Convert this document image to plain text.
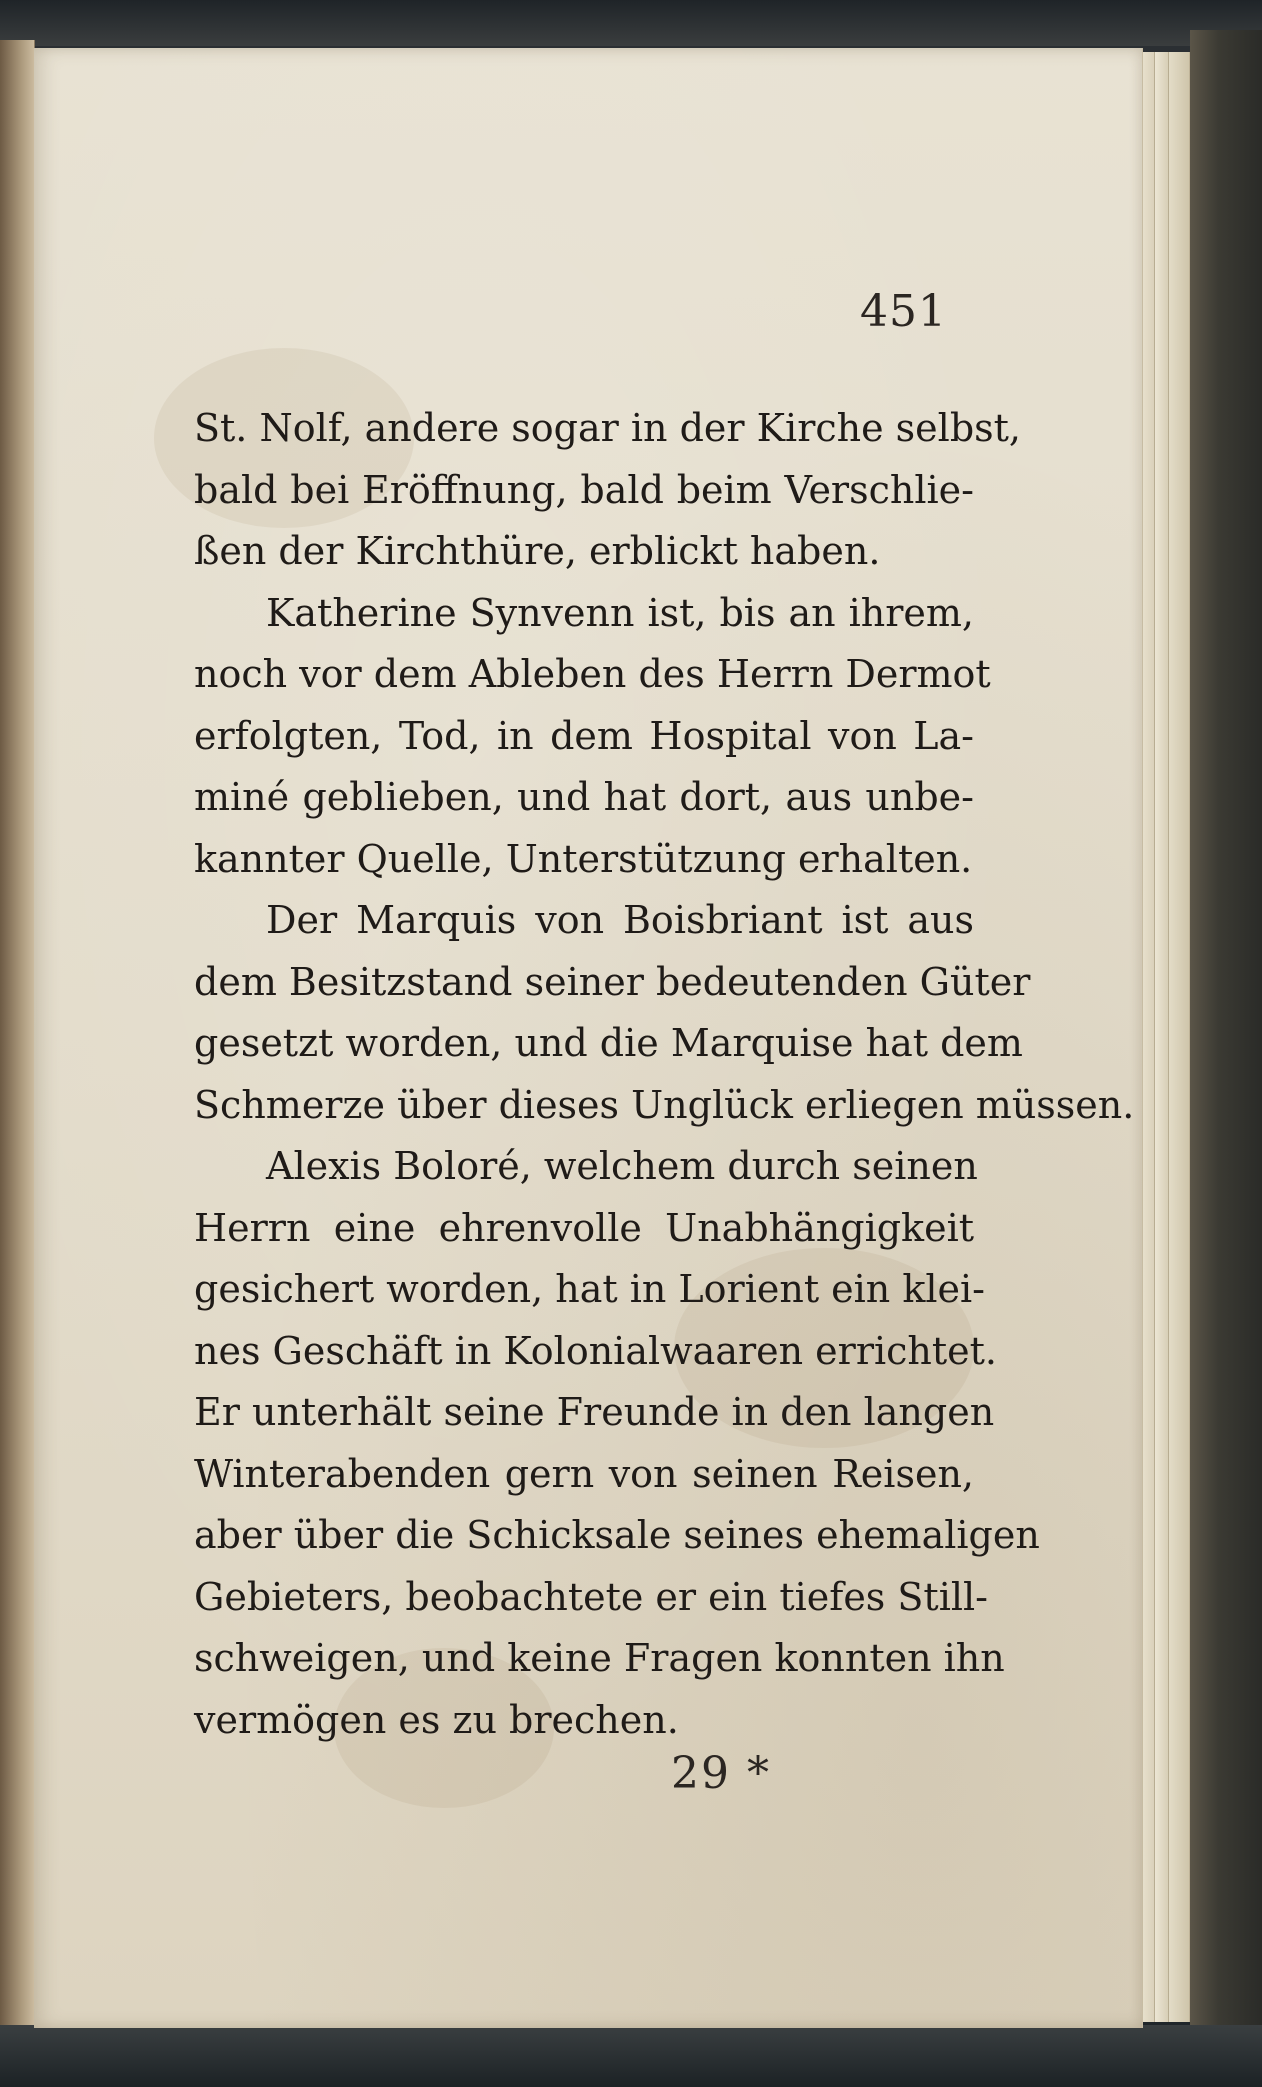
451
St. Nolf, andere sogar in der Kirche selbst,
bald bei Eröffnung, bald beim Verschlie-
ßen der Kirchthüre, erblickt haben.
Katherine Synvenn ist, bis an ihrem,
noch vor dem Ableben des Herrn Dermot
erfolgten, Tod, in dem Hospital von La-
miné geblieben, und hat dort, aus unbe-
kannter Quelle, Unterstützung erhalten.
Der Marquis von Boisbriant ist aus
dem Besitzstand seiner bedeutenden Güter
gesetzt worden, und die Marquise hat dem
Schmerze über dieses Unglück erliegen müssen.
Alexis Boloré, welchem durch seinen
Herrn eine ehrenvolle Unabhängigkeit
gesichert worden, hat in Lorient ein klei-
nes Geschäft in Kolonialwaaren errichtet.
Er unterhält seine Freunde in den langen
Winterabenden gern von seinen Reisen,
aber über die Schicksale seines ehemaligen
Gebieters, beobachtete er ein tiefes Still-
schweigen, und keine Fragen konnten ihn
vermögen es zu brechen.
29 *
